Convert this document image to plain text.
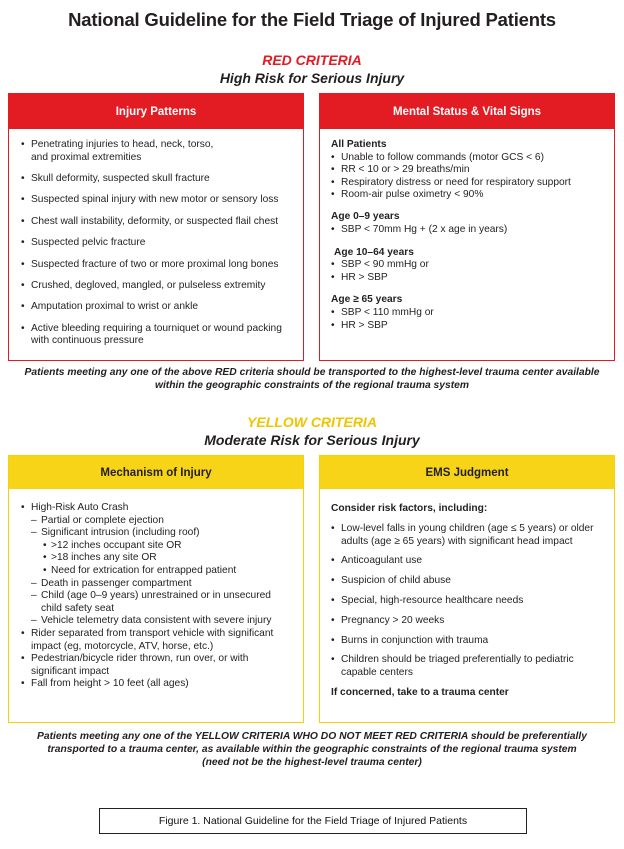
National Guideline for the Field Triage of Injured Patients
RED CRITERIA
High Risk for Serious Injury
Injury Patterns
• Penetrating injuries to head, neck, torso,
and proximal extremities
• Skull deformity, suspected skull fracture
• Suspected spinal injury with new motor or sensory loss
• Chest wall instability, deformity, or suspected flail chest
• Suspected pelvic fracture
• Suspected fracture of two or more proximal long bones
• Crushed, degloved, mangled, or pulseless extremity
• Amputation proximal to wrist or ankle
• Active bleeding requiring a tourniquet or wound packing
with continuous pressure
Mental Status & Vital Signs
All Patients
• Unable to follow commands (motor GCS < 6)
• RR < 10 or > 29 breaths/min
• Respiratory distress or need for respiratory support
• Room-air pulse oximetry < 90%
Age 0–9 years
• SBP < 70mm Hg + (2 x age in years)
Age 10–64 years
• SBP < 90 mmHg or
• HR > SBP
Age ≥ 65 years
• SBP < 110 mmHg or
• HR > SBP
Patients meeting any one of the above RED criteria should be transported to the highest-level trauma center available
within the geographic constraints of the regional trauma system
YELLOW CRITERIA
Moderate Risk for Serious Injury
Mechanism of Injury
• High-Risk Auto Crash
– Partial or complete ejection
– Significant intrusion (including roof)
• >12 inches occupant site OR
• >18 inches any site OR
• Need for extrication for entrapped patient
– Death in passenger compartment
– Child (age 0–9 years) unrestrained or in unsecured
child safety seat
– Vehicle telemetry data consistent with severe injury
• Rider separated from transport vehicle with significant
impact (eg, motorcycle, ATV, horse, etc.)
• Pedestrian/bicycle rider thrown, run over, or with
significant impact
• Fall from height > 10 feet (all ages)
EMS Judgment
Consider risk factors, including:
• Low-level falls in young children (age ≤ 5 years) or older
adults (age ≥ 65 years) with significant head impact
• Anticoagulant use
• Suspicion of child abuse
• Special, high-resource healthcare needs
• Pregnancy > 20 weeks
• Burns in conjunction with trauma
• Children should be triaged preferentially to pediatric
capable centers
If concerned, take to a trauma center
Patients meeting any one of the YELLOW CRITERIA WHO DO NOT MEET RED CRITERIA should be preferentially
transported to a trauma center, as available within the geographic constraints of the regional trauma system
(need not be the highest-level trauma center)
Figure 1. National Guideline for the Field Triage of Injured Patients
